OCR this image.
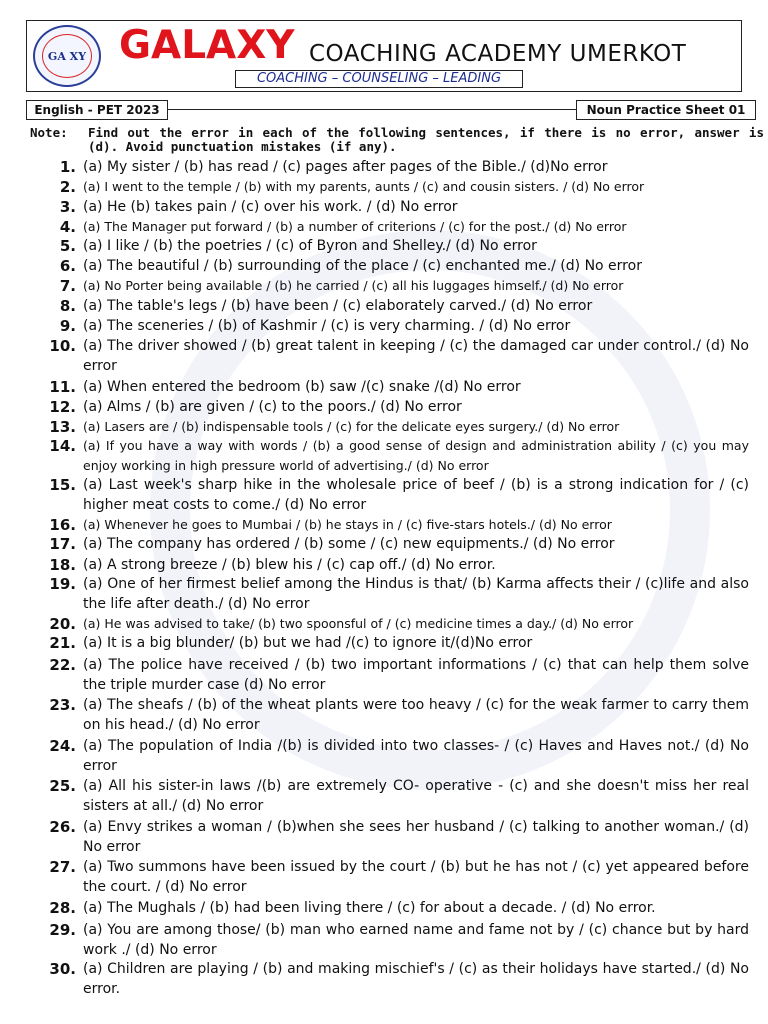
GA ΧY GALAXY COACHING ACADEMY UMERKOT
COACHING – COUNSELING – LEADING
English - PET 2023	Noun Practice Sheet 01
Note: Find out the error in each of the following sentences, if there is no error, answer is (d). Avoid punctuation mistakes (if any).
1. (a) My sister / (b) has read / (c) pages after pages of the Bible./ (d)No error
2. (a) I went to the temple / (b) with my parents, aunts / (c) and cousin sisters. / (d) No error
3. (a) He (b) takes pain / (c) over his work. / (d) No error
4. (a) The Manager put forward / (b) a number of criterions / (c) for the post./ (d) No error
5. (a) I like / (b) the poetries / (c) of Byron and Shelley./ (d) No error
6. (a) The beautiful / (b) surrounding of the place / (c) enchanted me./ (d) No error
7. (a) No Porter being available / (b) he carried / (c) all his luggages himself./ (d) No error
8. (a) The table's legs / (b) have been / (c) elaborately carved./ (d) No error
9. (a) The sceneries / (b) of Kashmir / (c) is very charming. / (d) No error
10. (a) The driver showed / (b) great talent in keeping / (c) the damaged car under control./ (d) No error
11. (a) When entered the bedroom (b) saw /(c) snake /(d) No error
12. (a) Alms / (b) are given / (c) to the poors./ (d) No error
13. (a) Lasers are / (b) indispensable tools / (c) for the delicate eyes surgery./ (d) No error
14. (a) If you have a way with words / (b) a good sense of design and administration ability / (c) you may enjoy working in high pressure world of advertising./ (d) No error
15. (a) Last week's sharp hike in the wholesale price of beef / (b) is a strong indication for / (c) higher meat costs to come./ (d) No error
16. (a) Whenever he goes to Mumbai / (b) he stays in / (c) five-stars hotels./ (d) No error
17. (a) The company has ordered / (b) some / (c) new equipments./ (d) No error
18. (a) A strong breeze / (b) blew his / (c) cap off./ (d) No error.
19. (a) One of her firmest belief among the Hindus is that/ (b) Karma affects their / (c)life and also the life after death./ (d) No error
20. (a) He was advised to take/ (b) two spoonsful of / (c) medicine times a day./ (d) No error
21. (a) It is a big blunder/ (b) but we had /(c) to ignore it/(d)No error
22. (a) The police have received / (b) two important informations / (c) that can help them solve the triple murder case (d) No error
23. (a) The sheafs / (b) of the wheat plants were too heavy / (c) for the weak farmer to carry them on his head./ (d) No error
24. (a) The population of India /(b) is divided into two classes- / (c) Haves and Haves not./ (d) No error
25. (a) All his sister-in laws /(b) are extremely CO- operative - (c) and she doesn't miss her real sisters at all./ (d) No error
26. (a) Envy strikes a woman / (b)when she sees her husband / (c) talking to another woman./ (d) No error
27. (a) Two summons have been issued by the court / (b) but he has not / (c) yet appeared before the court. / (d) No error
28. (a) The Mughals / (b) had been living there / (c) for about a decade. / (d) No error.
29. (a) You are among those/ (b) man who earned name and fame not by / (c) chance but by hard work ./ (d) No error
30. (a) Children are playing / (b) and making mischief's / (c) as their holidays have started./ (d) No error.
